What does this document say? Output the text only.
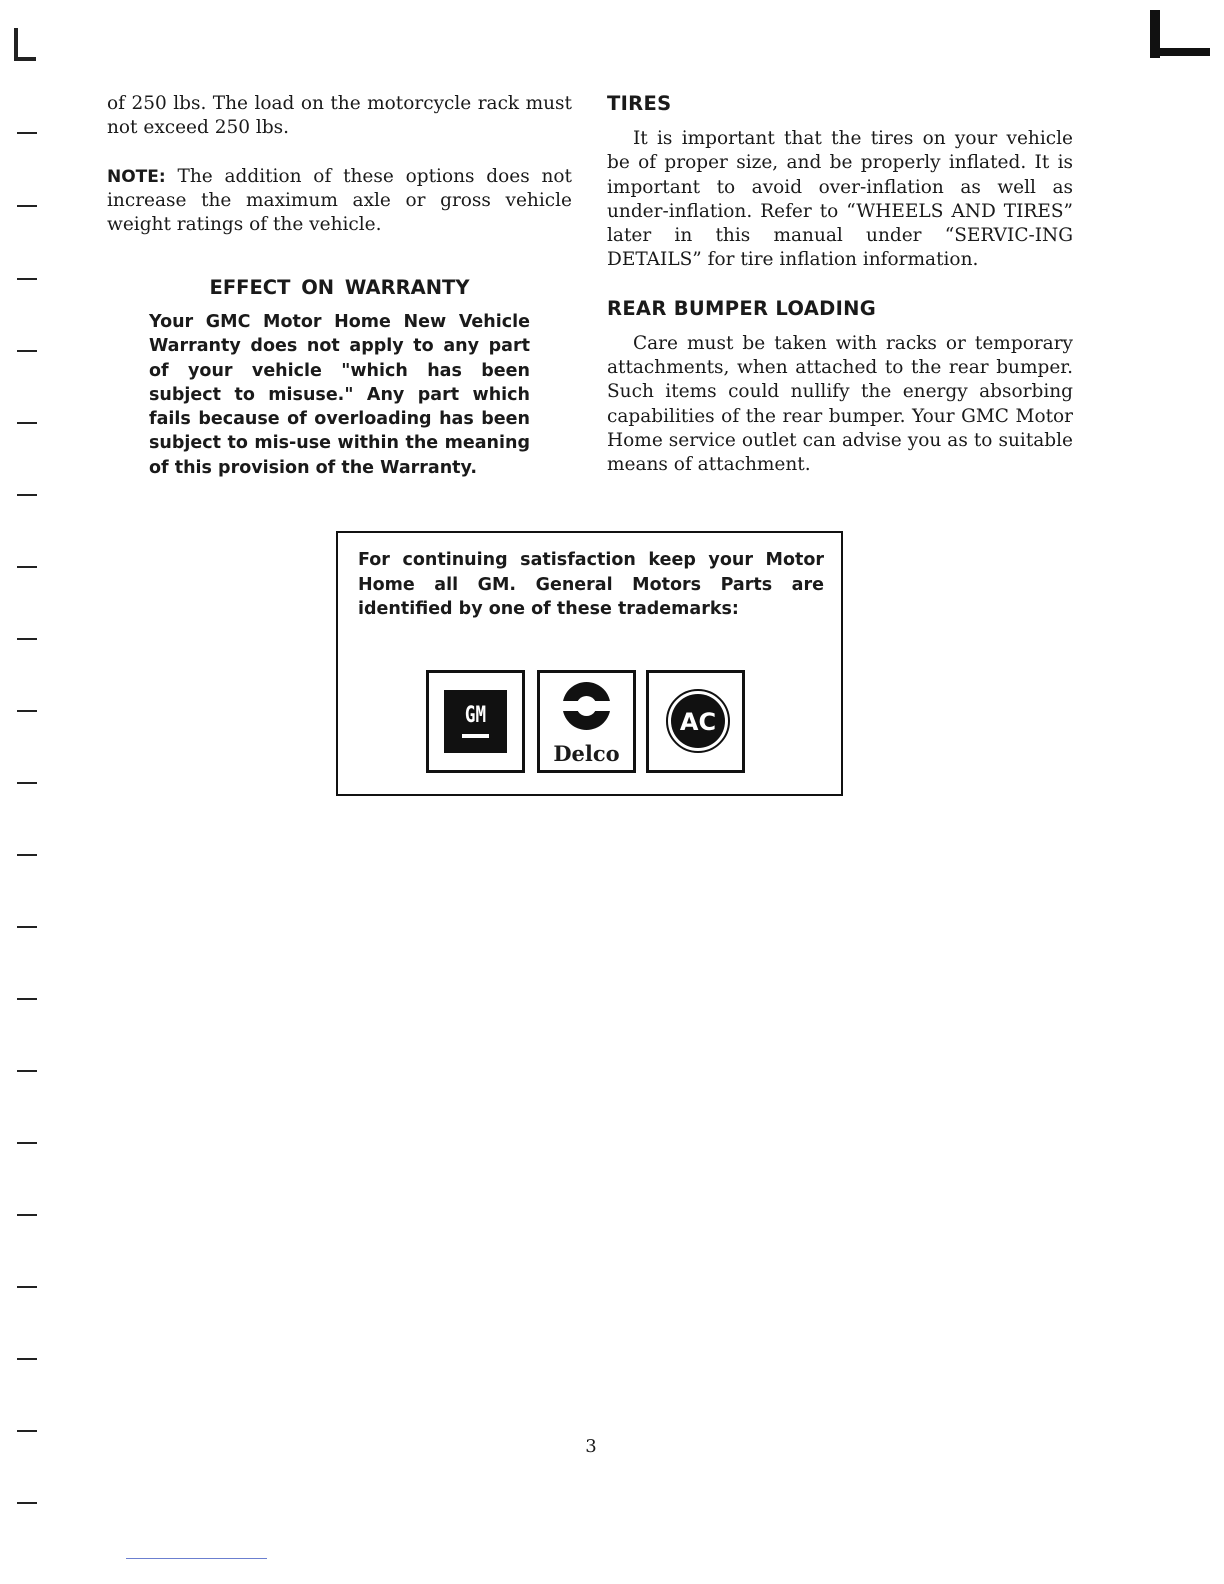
of 250 lbs. The load on the motorcycle rack must not exceed 250 lbs.

NOTE: The addition of these options does not increase the maximum axle or gross vehicle weight ratings of the vehicle.

EFFECT ON WARRANTY

Your GMC Motor Home New Vehicle Warranty does not apply to any part of your vehicle "which has been subject to misuse." Any part which fails because of overloading has been subject to mis-use within the meaning of this provision of the Warranty.

TIRES

It is important that the tires on your vehicle be of proper size, and be properly inflated. It is important to avoid over-inflation as well as under-inflation. Refer to “WHEELS AND TIRES” later in this manual under “SERVIC-ING DETAILS” for tire inflation information.

REAR BUMPER LOADING

Care must be taken with racks or temporary attachments, when attached to the rear bumper. Such items could nullify the energy absorbing capabilities of the rear bumper. Your GMC Motor Home service outlet can advise you as to suitable means of attachment.

For continuing satisfaction keep your Motor Home all GM. General Motors Parts are identified by one of these trademarks:

GM
Delco
AC
3
